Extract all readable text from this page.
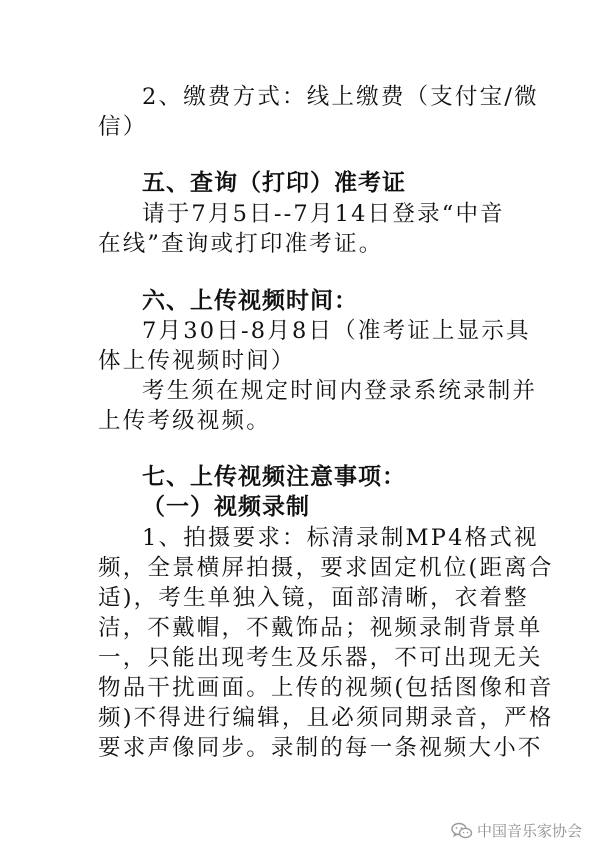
2、缴费方式：线上缴费（支付宝/微
信）
五、查询（打印）准考证
请于7月5日--7月14日登录“中音
在线”查询或打印准考证。
六、上传视频时间：
7月30日-8月8日（准考证上显示具
体上传视频时间）
考生须在规定时间内登录系统录制并
上传考级视频。
七、上传视频注意事项：
（一）视频录制
1、拍摄要求：标清录制MP4格式视
频，全景横屏拍摄，要求固定机位(距离合
适)，考生单独入镜，面部清晰，衣着整
洁，不戴帽，不戴饰品；视频录制背景单
一，只能出现考生及乐器，不可出现无关
物品干扰画面。上传的视频(包括图像和音
频)不得进行编辑，且必须同期录音，严格
要求声像同步。录制的每一条视频大小不
中国音乐家协会
